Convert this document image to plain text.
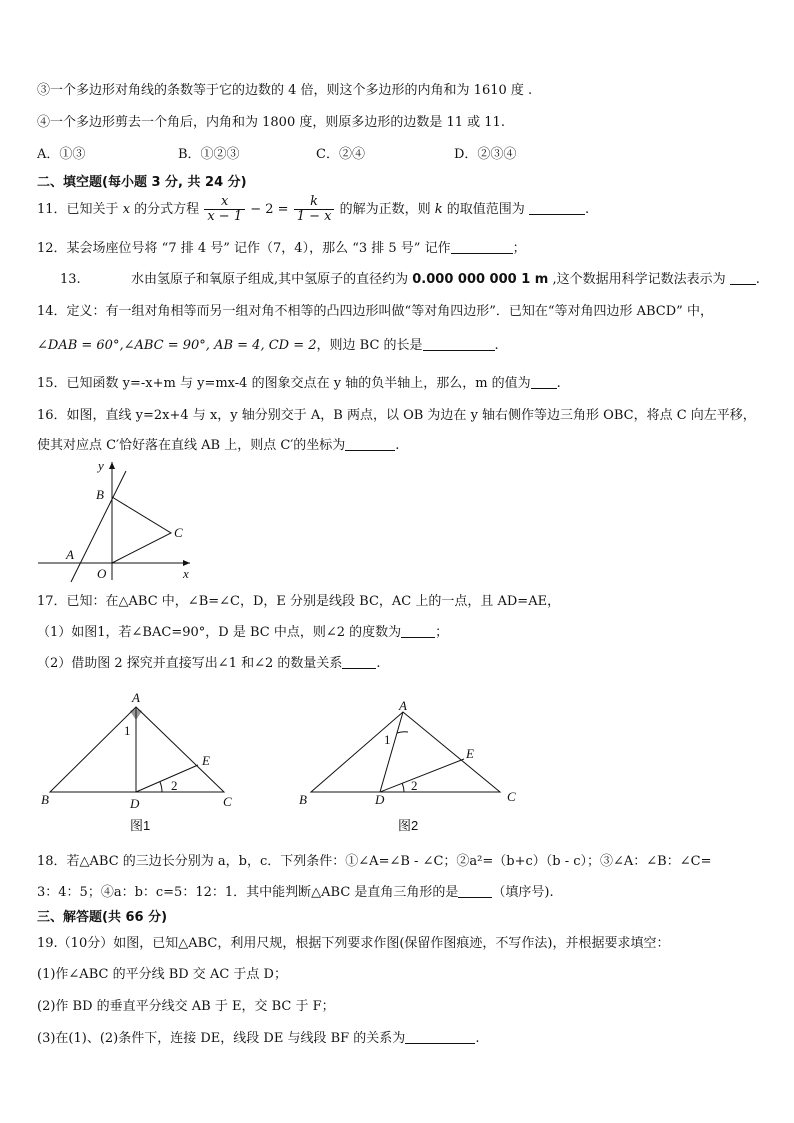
③一个多边形对角线的条数等于它的边数的 4 倍，则这个多边形的内角和为 1610 度 .
④一个多边形剪去一个角后，内角和为 1800 度，则原多边形的边数是 11 或 11.
A．①③	B．①②③	C．②④	D．②③④
二、填空题(每小题 3 分, 共 24 分)
11．已知关于 x 的分式方程 $\frac{x}{x - 1} - 2 = \frac{k}{1 - x}$ 的解为正数，则 k 的取值范围为	.
12．某会场座位号将 “7 排 4 号” 记作（7，4），那么 “3 排 5 号” 记作	；
13.	水由氢原子和氧原子组成,其中氢原子的直径约为 0.000 000 000 1 m ,这个数据用科学记数法表示为 .
14．定义：有一组对角相等而另一组对角不相等的凸四边形叫做“等对角四边形”．已知在“等对角四边形 ABCD” 中，
∠DAB = 60°,∠ABC = 90°, AB = 4, CD = 2，则边 BC 的长是	.
15．已知函数 y=-x+m 与 y=mx-4 的图象交点在 y 轴的负半轴上，那么，m 的值为 .
16．如图，直线 y=2x+4 与 x，y 轴分别交于 A，B 两点，以 OB 为边在 y 轴右侧作等边三角形 OBC，将点 C 向左平移，
使其对应点 C′恰好落在直线 AB 上，则点 C′的坐标为	.
y
x
B
C
A
O
17．已知：在△ABC 中，∠B=∠C，D，E 分别是线段 BC，AC 上的一点，且 AD=AE，
（1）如图1，若∠BAC=90°，D 是 BC 中点，则∠2 的度数为	；
（2）借助图 2 探究并直接写出∠1 和∠2 的数量关系	.
A
B	C
D
E
1
2
图1
A
B	C
D
E
1
2
图2
18．若△ABC 的三边长分别为 a，b，c．下列条件：①∠A=∠B - ∠C；②a²=（b+c）（b - c）；③∠A：∠B：∠C=
3：4：5；④a：b：c=5：12：1．其中能判断△ABC 是直角三角形的是	（填序号).
三、解答题(共 66 分)
19.（10分）如图，已知△ABC，利用尺规，根据下列要求作图(保留作图痕迹，不写作法)，并根据要求填空：
(1)作∠ABC 的平分线 BD 交 AC 于点 D；
(2)作 BD 的垂直平分线交 AB 于 E，交 BC 于 F；
(3)在(1)、(2)条件下，连接 DE，线段 DE 与线段 BF 的关系为	.
